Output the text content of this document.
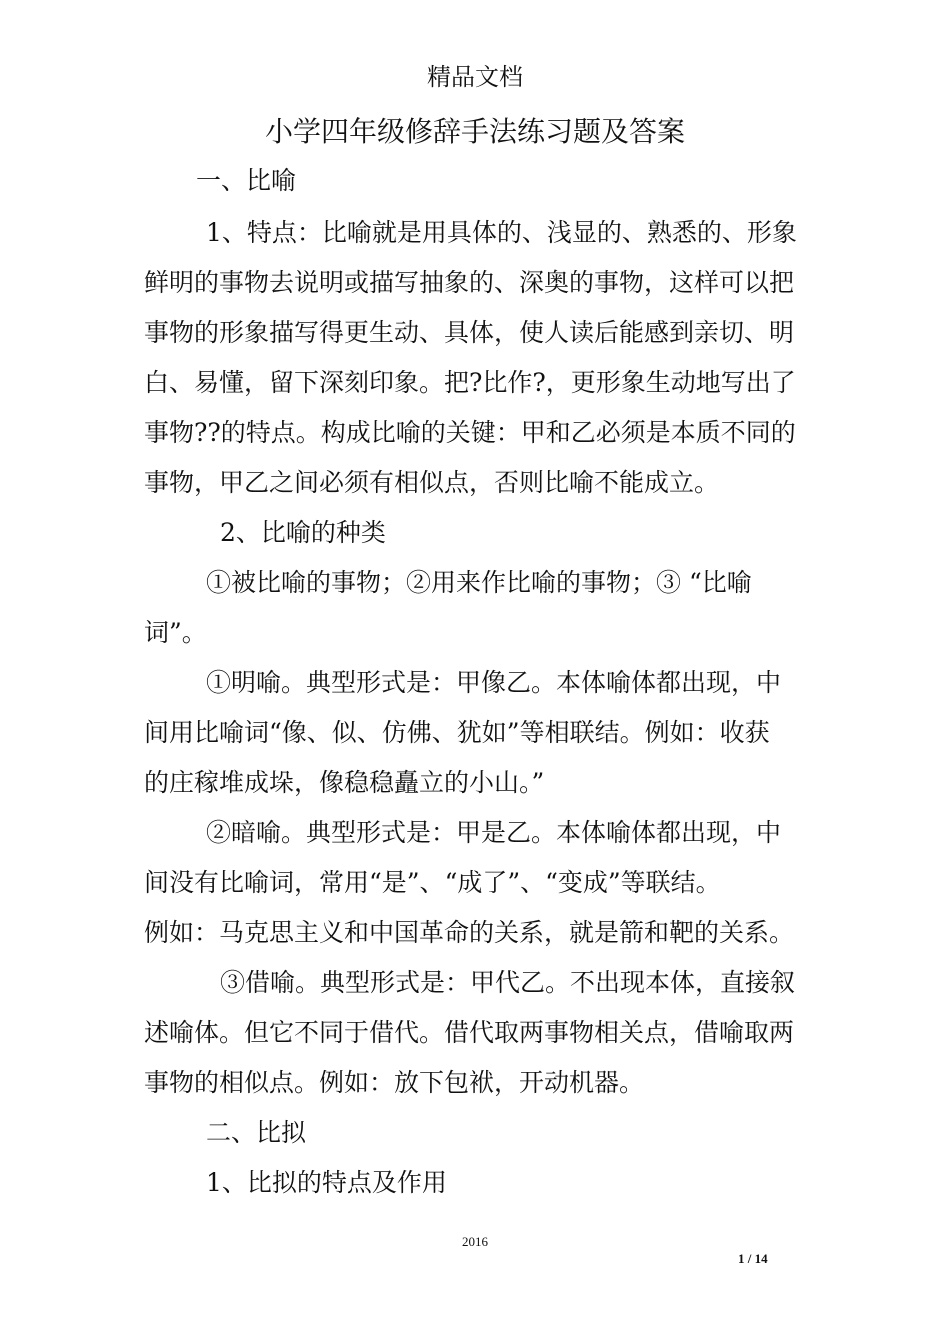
精品文档
小学四年级修辞手法练习题及答案
一、比喻
1、特点：比喻就是用具体的、浅显的、熟悉的、形象
鲜明的事物去说明或描写抽象的、深奥的事物，这样可以把
事物的形象描写得更生动、具体，使人读后能感到亲切、明
白、易懂，留下深刻印象。把?比作?，更形象生动地写出了
事物??的特点。构成比喻的关键：甲和乙必须是本质不同的
事物，甲乙之间必须有相似点，否则比喻不能成立。
2、比喻的种类
①被比喻的事物；②用来作比喻的事物；③ “比喻
词”。
①明喻。典型形式是：甲像乙。本体喻体都出现，中
间用比喻词“像、似、仿佛、犹如”等相联结。例如：收获
的庄稼堆成垛，像稳稳矗立的小山。”
②暗喻。典型形式是：甲是乙。本体喻体都出现，中
间没有比喻词，常用“是”、“成了”、“变成”等联结。
例如：马克思主义和中国革命的关系，就是箭和靶的关系。
③借喻。典型形式是：甲代乙。不出现本体，直接叙
述喻体。但它不同于借代。借代取两事物相关点，借喻取两
事物的相似点。例如：放下包袱，开动机器。
二、比拟
1、比拟的特点及作用
2016
1 / 14
